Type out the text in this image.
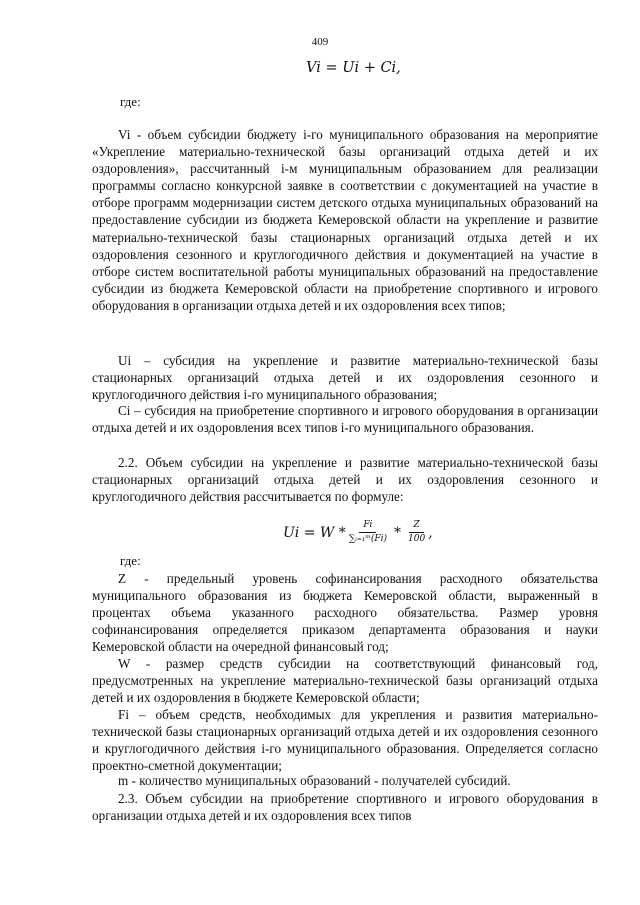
409
Vi = Ui + Ci,
где:

Vi - объем субсидии бюджету i-го муниципального образования на мероприятие «Укрепление материально-технической базы организаций отдыха детей и их оздоровления», рассчитанный i-м муниципальным образованием для реализации программы согласно конкурсной заявке в соответствии с документацией на участие в отборе программ модернизации систем детского отдыха муниципальных образований на предоставление субсидии из бюджета Кемеровской области на укрепление и развитие материально-технической базы стационарных организаций отдыха детей и их оздоровления сезонного и круглогодичного действия и документацией на участие в отборе систем воспитательной работы муниципальных образований на предоставление субсидии из бюджета Кемеровской области на приобретение спортивного и игрового оборудования в организации отдыха детей и их оздоровления всех типов;

Ui – субсидия на укрепление и развитие материально-технической базы стационарных организаций отдыха детей и их оздоровления сезонного и круглогодичного действия i-го муниципального образования;

Ci – субсидия на приобретение спортивного и игрового оборудования в организации отдыха детей и их оздоровления всех типов i-го муниципального образования.

2.2. Объем субсидии на укрепление и развитие материально-технической базы стационарных организаций отдыха детей и их оздоровления сезонного и круглогодичного действия рассчитывается по формуле:

$Ui = W * \frac{Fi}{\text{∑ᵢ₌₁ᵐ(Fi)}} * \frac{Z}{100}$ ,
где:

Z - предельный уровень софинансирования расходного обязательства муниципального образования из бюджета Кемеровской области, выраженный в процентах объема указанного расходного обязательства. Размер уровня софинансирования определяется приказом департамента образования и науки Кемеровской области на очередной финансовый год;

W - размер средств субсидии на соответствующий финансовый год, предусмотренных на укрепление материально-технической базы организаций отдыха детей и их оздоровления в бюджете Кемеровской области;

Fi – объем средств, необходимых для укрепления и развития материально-технической базы стационарных организаций отдыха детей и их оздоровления сезонного и круглогодичного действия i-го муниципального образования. Определяется согласно проектно-сметной документации;

m - количество муниципальных образований - получателей субсидий.

2.3. Объем субсидии на приобретение спортивного и игрового оборудования в организации отдыха детей и их оздоровления всех типов
